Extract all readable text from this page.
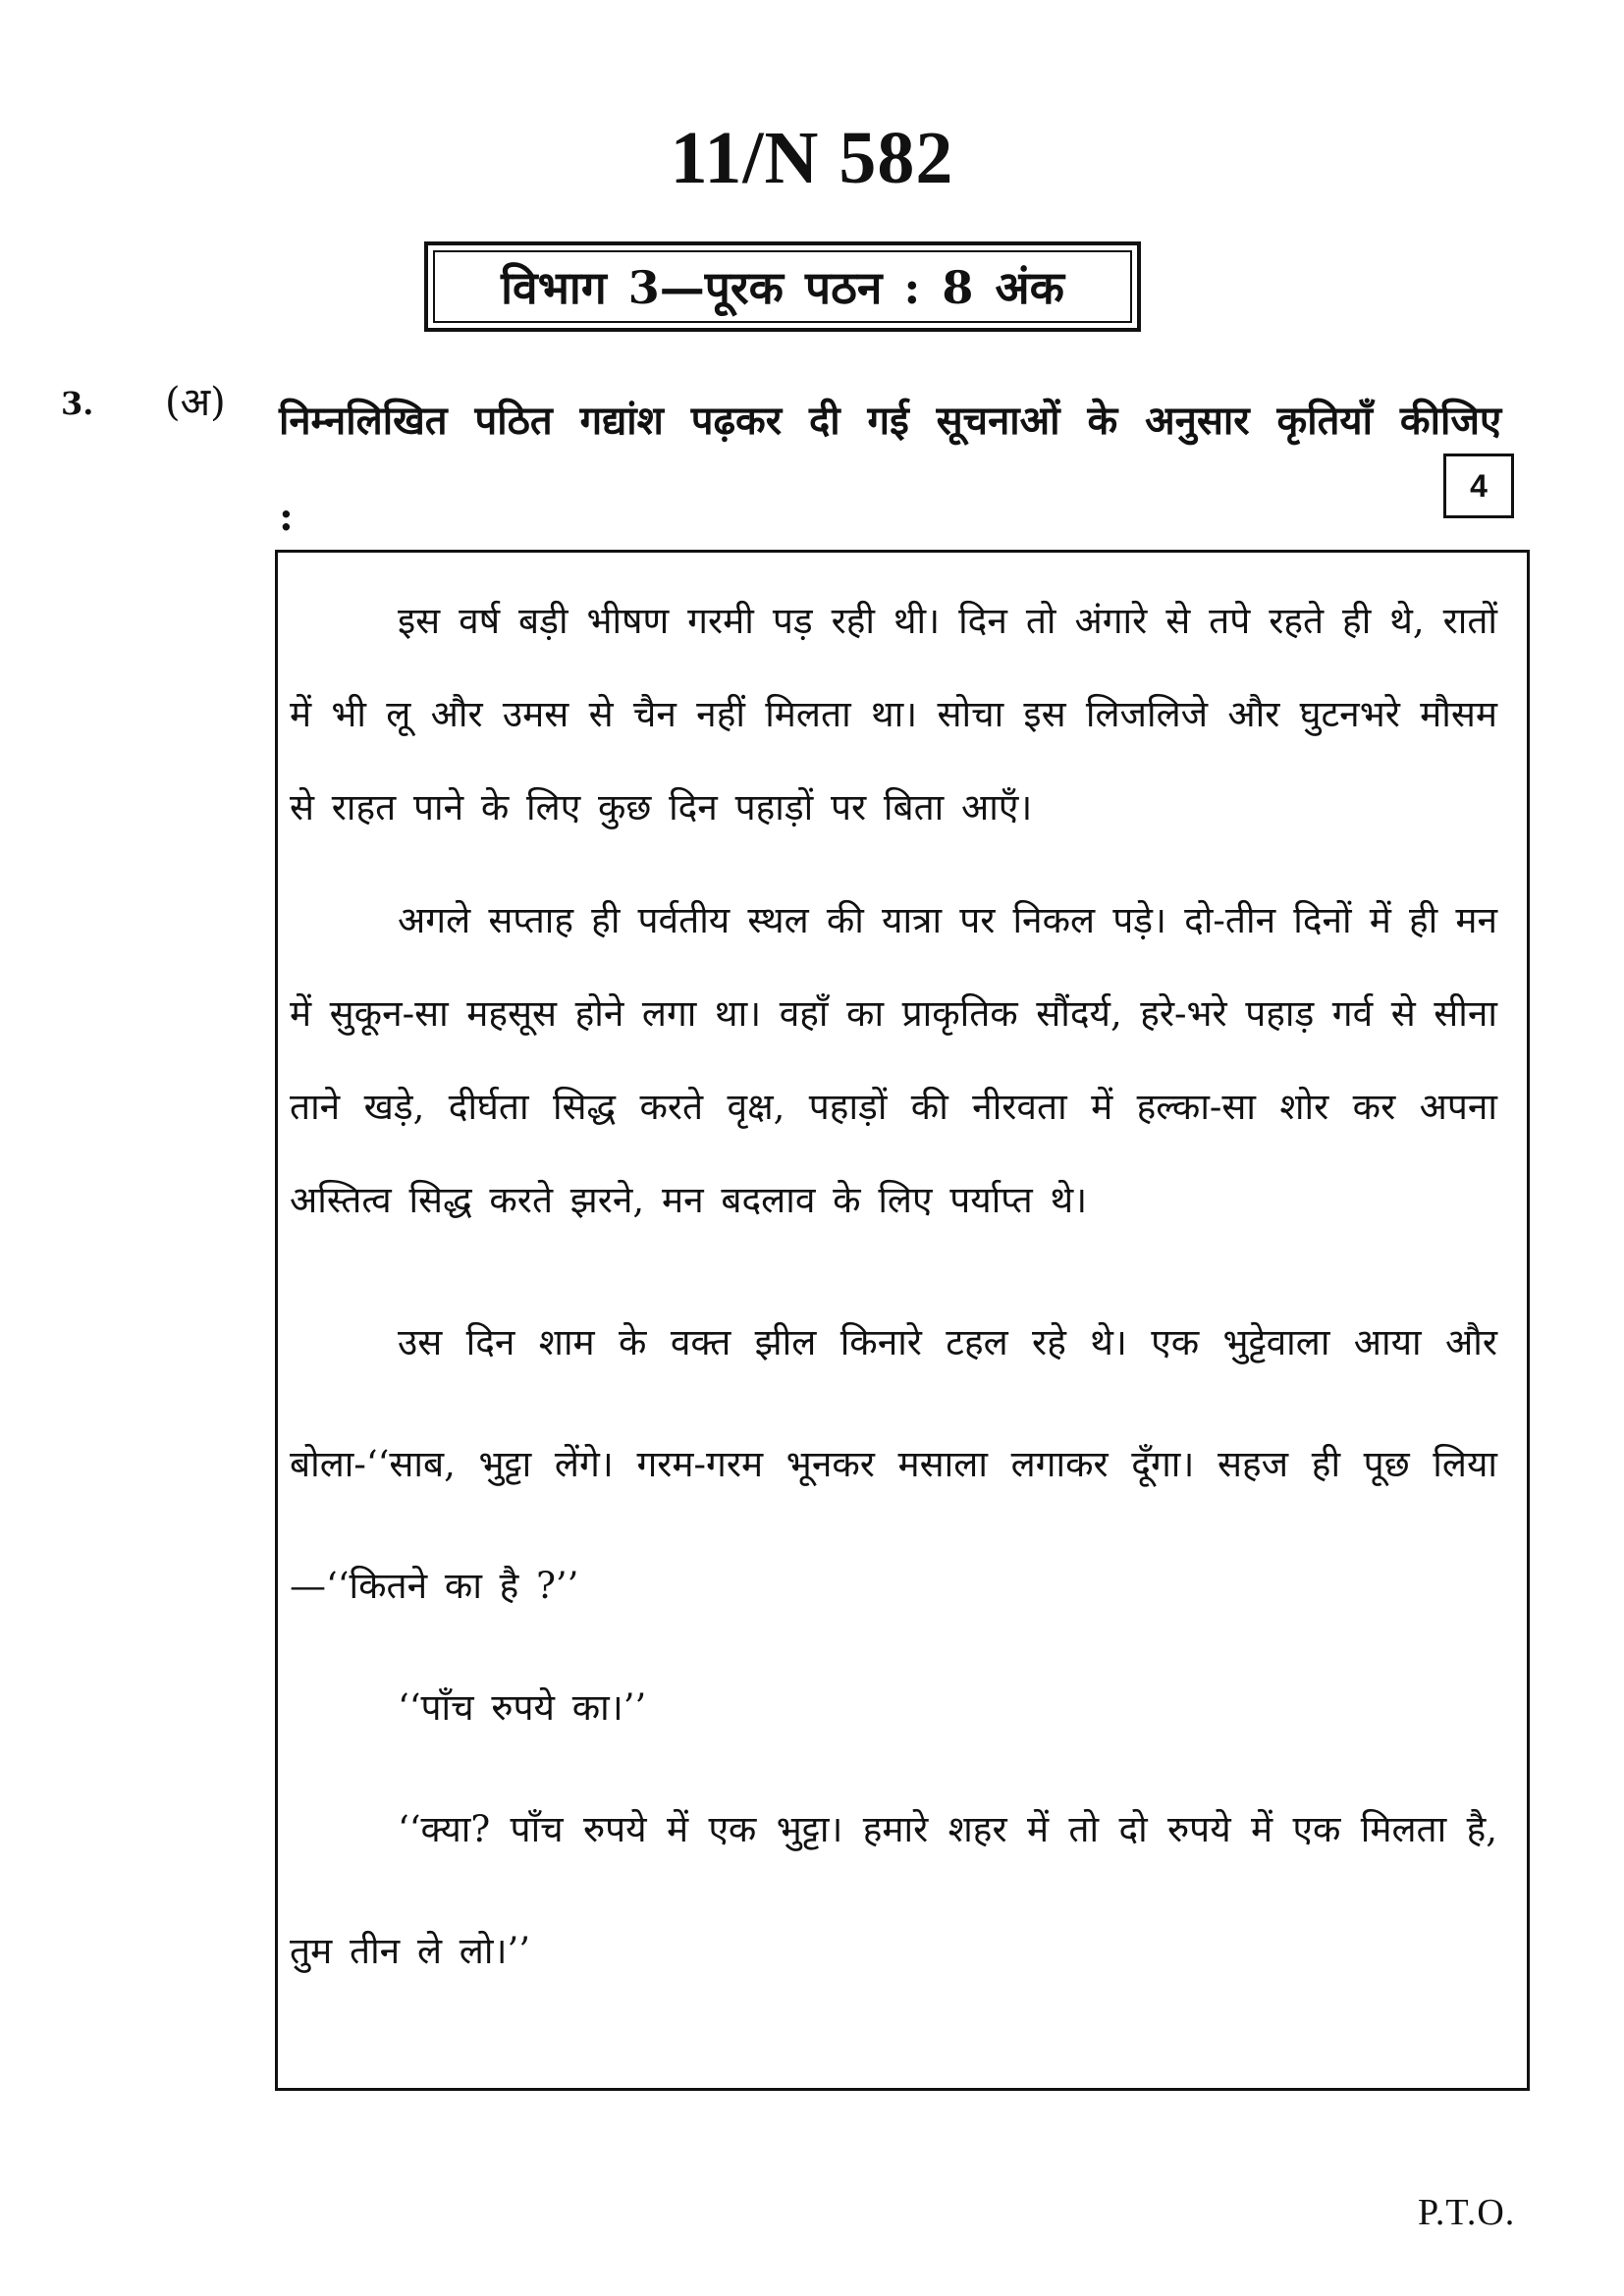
11/N 582
विभाग 3—पूरक पठन : 8 अंक
3. (अ) निम्नलिखित पठित गद्यांश पढ़कर दी गई सूचनाओं के अनुसार कृतियाँ कीजिए :
4

इस वर्ष बड़ी भीषण गरमी पड़ रही थी। दिन तो अंगारे से तपे रहते ही थे, रातों में भी लू और उमस से चैन नहीं मिलता था। सोचा इस लिजलिजे और घुटनभरे मौसम से राहत पाने के लिए कुछ दिन पहाड़ों पर बिता आएँ।

अगले सप्ताह ही पर्वतीय स्थल की यात्रा पर निकल पड़े। दो-तीन दिनों में ही मन में सुकून-सा महसूस होने लगा था। वहाँ का प्राकृतिक सौंदर्य, हरे-भरे पहाड़ गर्व से सीना ताने खड़े, दीर्घता सिद्ध करते वृक्ष, पहाड़ों की नीरवता में हल्का-सा शोर कर अपना अस्तित्व सिद्ध करते झरने, मन बदलाव के लिए पर्याप्त थे।

उस दिन शाम के वक्त झील किनारे टहल रहे थे। एक भुट्टेवाला आया और बोला-‘‘साब, भुट्टा लेंगे। गरम-गरम भूनकर मसाला लगाकर दूँगा। सहज ही पूछ लिया—‘‘कितने का है ?’’

‘‘पाँच रुपये का।’’

‘‘क्या? पाँच रुपये में एक भुट्टा। हमारे शहर में तो दो रुपये में एक मिलता है, तुम तीन ले लो।’’

P.T.O.
